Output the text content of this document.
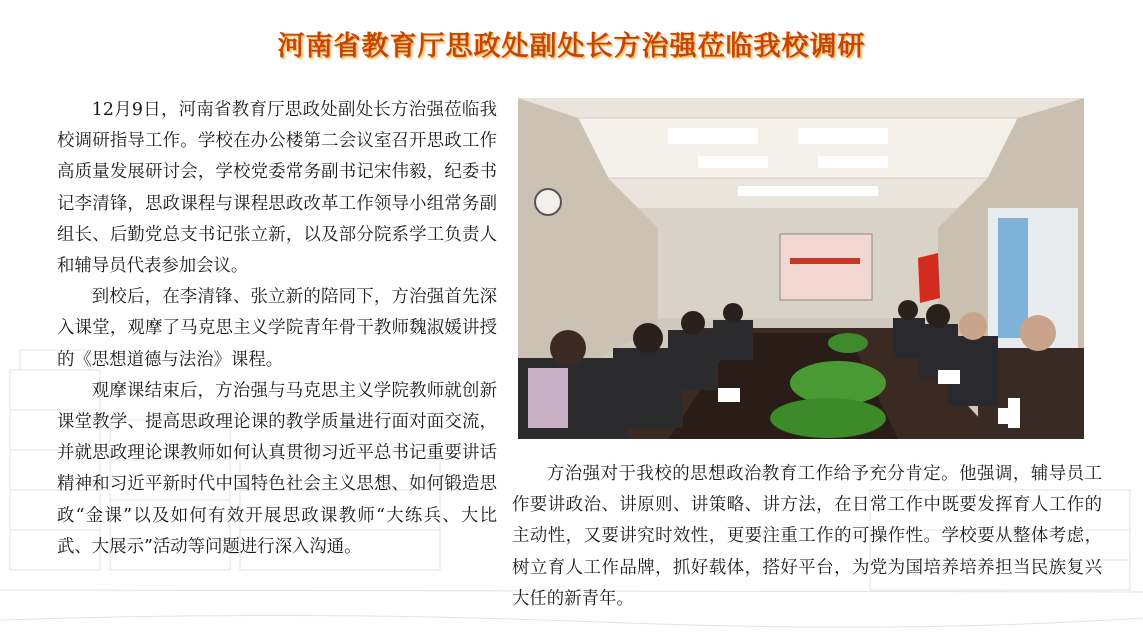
河南省教育厅思政处副处长方治强莅临我校调研

12月9日，河南省教育厅思政处副处长方治强莅临我校调研指导工作。学校在办公楼第二会议室召开思政工作高质量发展研讨会，学校党委常务副书记宋伟毅，纪委书记李清锋，思政课程与课程思政改革工作领导小组常务副组长、后勤党总支书记张立新，以及部分院系学工负责人和辅导员代表参加会议。

到校后，在李清锋、张立新的陪同下，方治强首先深入课堂，观摩了马克思主义学院青年骨干教师魏淑媛讲授的《思想道德与法治》课程。

观摩课结束后，方治强与马克思主义学院教师就创新课堂教学、提高思政理论课的教学质量进行面对面交流，并就思政理论课教师如何认真贯彻习近平总书记重要讲话精神和习近平新时代中国特色社会主义思想、如何锻造思政“金课”以及如何有效开展思政课教师“大练兵、大比武、大展示”活动等问题进行深入沟通。

方治强对于我校的思想政治教育工作给予充分肯定。他强调，辅导员工作要讲政治、讲原则、讲策略、讲方法，在日常工作中既要发挥育人工作的主动性，又要讲究时效性，更要注重工作的可操作性。学校要从整体考虑，树立育人工作品牌，抓好载体，搭好平台，为党为国培养培养担当民族复兴大任的新青年。
